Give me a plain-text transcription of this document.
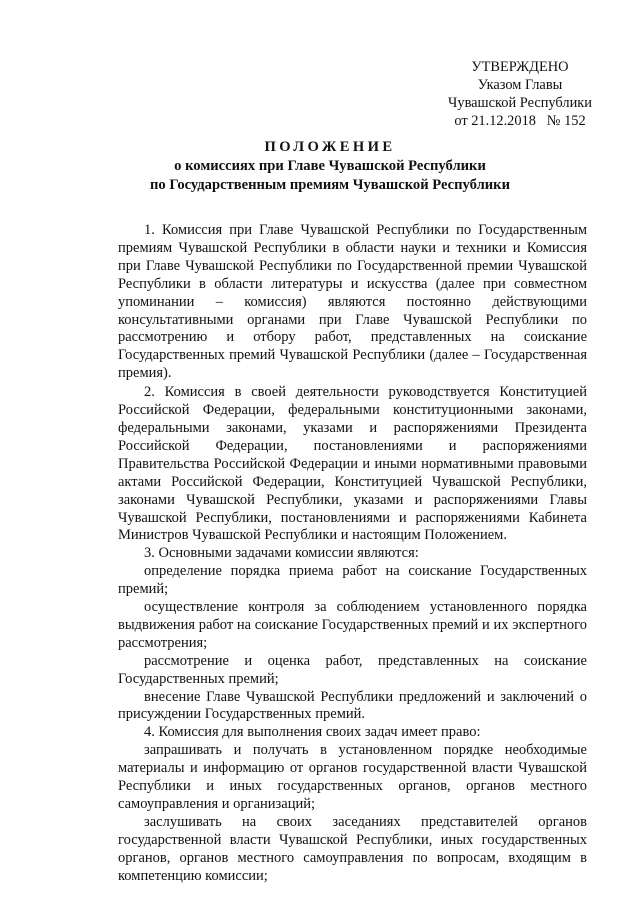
УТВЕРЖДЕНО
Указом Главы
Чувашской Республики
от 21.12.2018   № 152
ПОЛОЖЕНИЕ
о комиссиях при Главе Чувашской Республики
по Государственным премиям Чувашской Республики

1. Комиссия при Главе Чувашской Республики по Государственным премиям Чувашской Республики в области науки и техники и Комиссия при Главе Чувашской Республики по Государственной премии Чувашской Республики в области литературы и искусства (далее при совместном упоминании – комиссия) являются постоянно действующими консультативными органами при Главе Чувашской Республики по рассмотрению и отбору работ, представленных на соискание Государственных премий Чувашской Республики (далее – Государственная премия).

2. Комиссия в своей деятельности руководствуется Конституцией Российской Федерации, федеральными конституционными законами, федеральными законами, указами и распоряжениями Президента Российской Федерации, постановлениями и распоряжениями Правительства Российской Федерации и иными нормативными правовыми актами Российской Федерации, Конституцией Чувашской Республики, законами Чувашской Республики, указами и распоряжениями Главы Чувашской Республики, постановлениями и распоряжениями Кабинета Министров Чувашской Республики и настоящим Положением.

3. Основными задачами комиссии являются:

определение порядка приема работ на соискание Государственных премий;

осуществление контроля за соблюдением установленного порядка выдвижения работ на соискание Государственных премий и их экспертного рассмотрения;

рассмотрение и оценка работ, представленных на соискание Государственных премий;

внесение Главе Чувашской Республики предложений и заключений о присуждении Государственных премий.

4. Комиссия для выполнения своих задач имеет право:

запрашивать и получать в установленном порядке необходимые материалы и информацию от органов государственной власти Чувашской Республики и иных государственных органов, органов местного самоуправления и организаций;

заслушивать на своих заседаниях представителей органов государственной власти Чувашской Республики, иных государственных органов, органов местного самоуправления по вопросам, входящим в компетенцию комиссии;
